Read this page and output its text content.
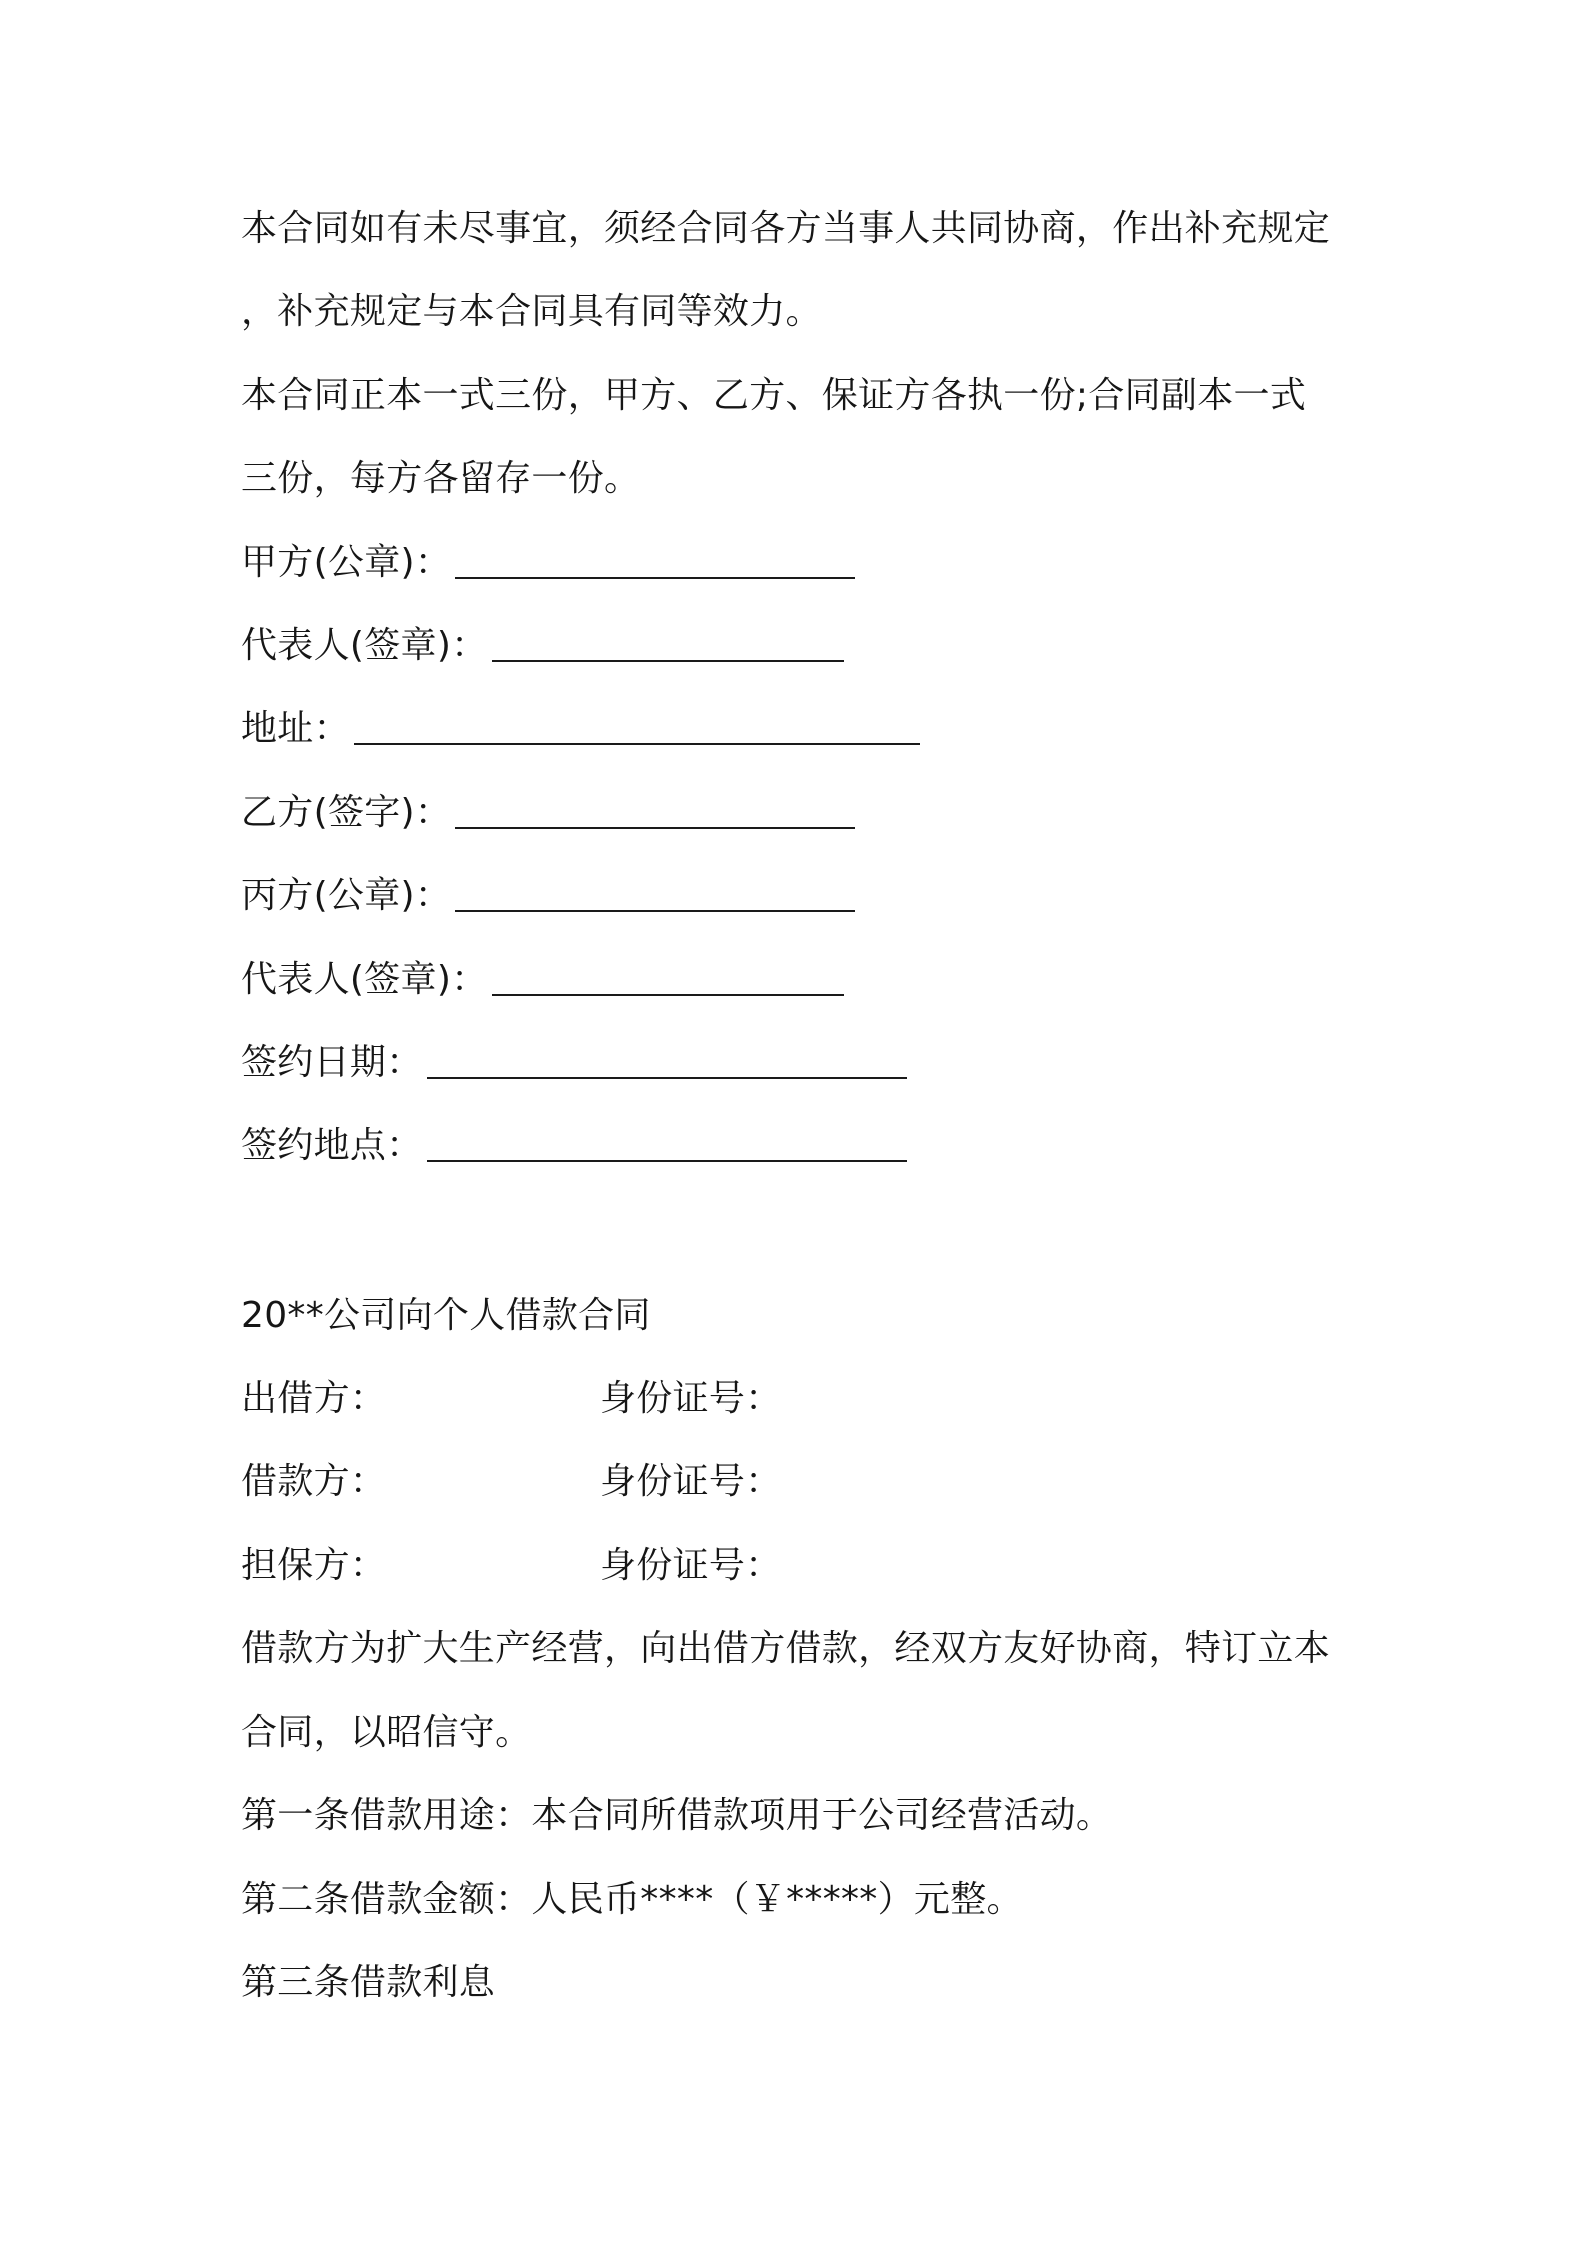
本合同如有未尽事宜，须经合同各方当事人共同协商，作出补充规定
，补充规定与本合同具有同等效力。
本合同正本一式三份，甲方、乙方、保证方各执一份;合同副本一式
三份，每方各留存一份。
甲方(公章)：
代表人(签章)：
地址：
乙方(签字)：
丙方(公章)：
代表人(签章)：
签约日期：
签约地点：
20**公司向个人借款合同
出借方：	身份证号：
借款方：	身份证号：
担保方：	身份证号：
借款方为扩大生产经营，向出借方借款，经双方友好协商，特订立本
合同，以昭信守。
第一条借款用途：本合同所借款项用于公司经营活动。
第二条借款金额：人民币****（￥*****）元整。
第三条借款利息
